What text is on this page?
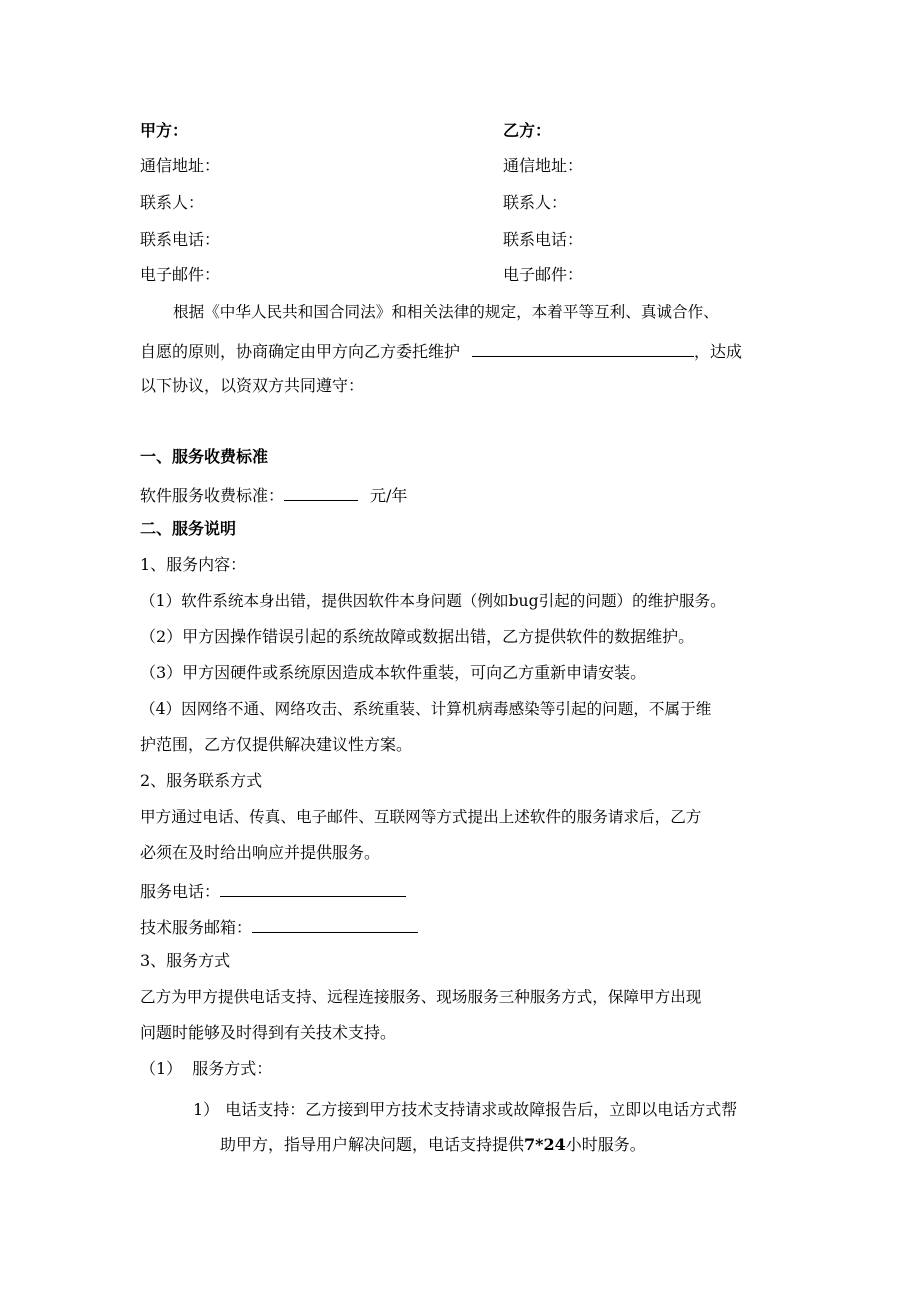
甲方：
通信地址：
联系人：
联系电话：
电子邮件：
乙方：
通信地址：
联系人：
联系电话：
电子邮件：
根据《中华人民共和国合同法》和相关法律的规定，本着平等互利、真诚合作、
自愿的原则，协商确定由甲方向乙方委托维护	，达成
以下协议，以资双方共同遵守：
一、服务收费标准
软件服务收费标准：	元/年
二、服务说明
1、服务内容：
（1）软件系统本身出错，提供因软件本身问题（例如bug引起的问题）的维护服务。
（2）甲方因操作错误引起的系统故障或数据出错，乙方提供软件的数据维护。
（3）甲方因硬件或系统原因造成本软件重装，可向乙方重新申请安装。
（4）因网络不通、网络攻击、系统重装、计算机病毒感染等引起的问题，不属于维
护范围，乙方仅提供解决建议性方案。
2、服务联系方式
甲方通过电话、传真、电子邮件、互联网等方式提出上述软件的服务请求后，乙方
必须在及时给出响应并提供服务。
服务电话：
技术服务邮箱：
3、服务方式
乙方为甲方提供电话支持、远程连接服务、现场服务三种服务方式，保障甲方出现
问题时能够及时得到有关技术支持。
（1） 服务方式：
1） 电话支持：乙方接到甲方技术支持请求或故障报告后，立即以电话方式帮
助甲方，指导用户解决问题，电话支持提供7*24小时服务。
